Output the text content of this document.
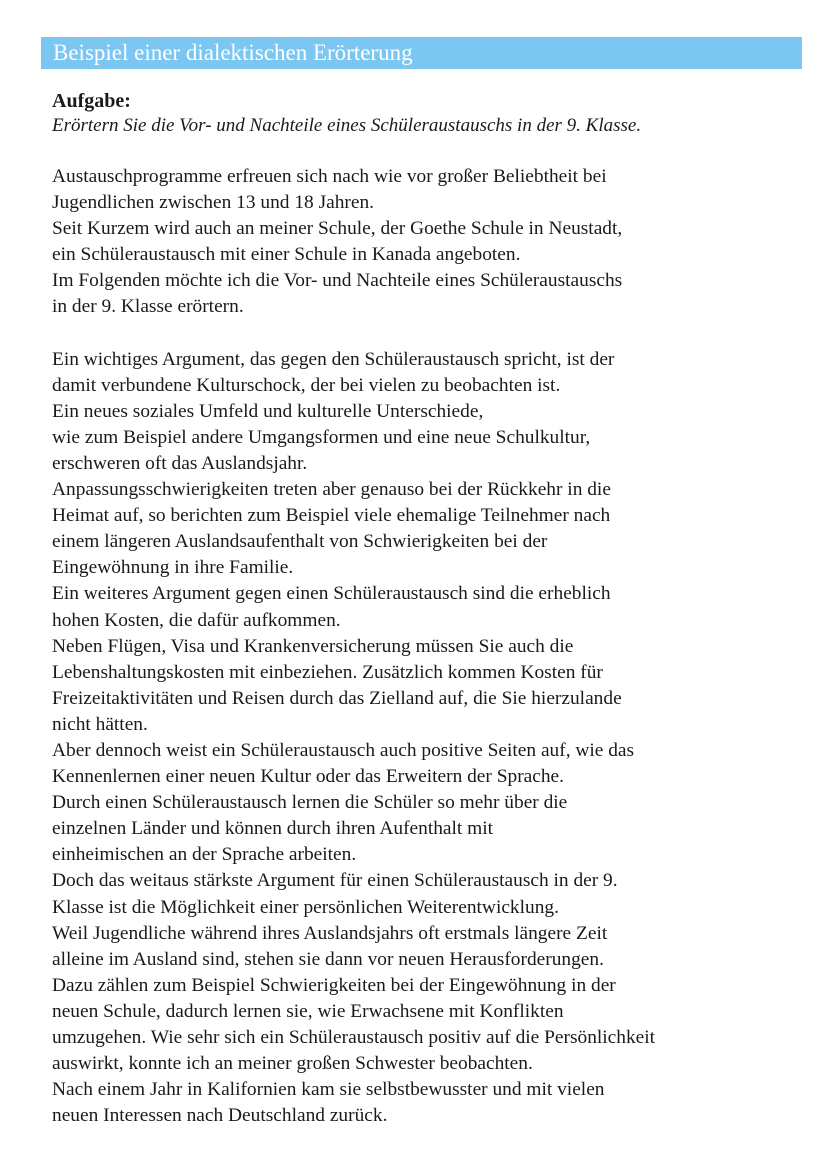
Beispiel einer dialektischen Erörterung
Aufgabe:
Erörtern Sie die Vor- und Nachteile eines Schüleraustauschs in der 9. Klasse.

Austauschprogramme erfreuen sich nach wie vor großer Beliebtheit bei
Jugendlichen zwischen 13 und 18 Jahren.
Seit Kurzem wird auch an meiner Schule, der Goethe Schule in Neustadt,
ein Schüleraustausch mit einer Schule in Kanada angeboten.
Im Folgenden möchte ich die Vor- und Nachteile eines Schüleraustauschs
in der 9. Klasse erörtern.

Ein wichtiges Argument, das gegen den Schüleraustausch spricht, ist der
damit verbundene Kulturschock, der bei vielen zu beobachten ist.
Ein neues soziales Umfeld und kulturelle Unterschiede,
wie zum Beispiel andere Umgangsformen und eine neue Schulkultur,
erschweren oft das Auslandsjahr.
Anpassungsschwierigkeiten treten aber genauso bei der Rückkehr in die
Heimat auf, so berichten zum Beispiel viele ehemalige Teilnehmer nach
einem längeren Auslandsaufenthalt von Schwierigkeiten bei der
Eingewöhnung in ihre Familie.
Ein weiteres Argument gegen einen Schüleraustausch sind die erheblich
hohen Kosten, die dafür aufkommen.
Neben Flügen, Visa und Krankenversicherung müssen Sie auch die
Lebenshaltungskosten mit einbeziehen. Zusätzlich kommen Kosten für
Freizeitaktivitäten und Reisen durch das Zielland auf, die Sie hierzulande
nicht hätten.
Aber dennoch weist ein Schüleraustausch auch positive Seiten auf, wie das
Kennenlernen einer neuen Kultur oder das Erweitern der Sprache.
Durch einen Schüleraustausch lernen die Schüler so mehr über die
einzelnen Länder und können durch ihren Aufenthalt mit
einheimischen an der Sprache arbeiten.
Doch das weitaus stärkste Argument für einen Schüleraustausch in der 9.
Klasse ist die Möglichkeit einer persönlichen Weiterentwicklung.
Weil Jugendliche während ihres Auslandsjahrs oft erstmals längere Zeit
alleine im Ausland sind, stehen sie dann vor neuen Herausforderungen.
Dazu zählen zum Beispiel Schwierigkeiten bei der Eingewöhnung in der
neuen Schule, dadurch lernen sie, wie Erwachsene mit Konflikten
umzugehen. Wie sehr sich ein Schüleraustausch positiv auf die Persönlichkeit
auswirkt, konnte ich an meiner großen Schwester beobachten.
Nach einem Jahr in Kalifornien kam sie selbstbewusster und mit vielen
neuen Interessen nach Deutschland zurück.
